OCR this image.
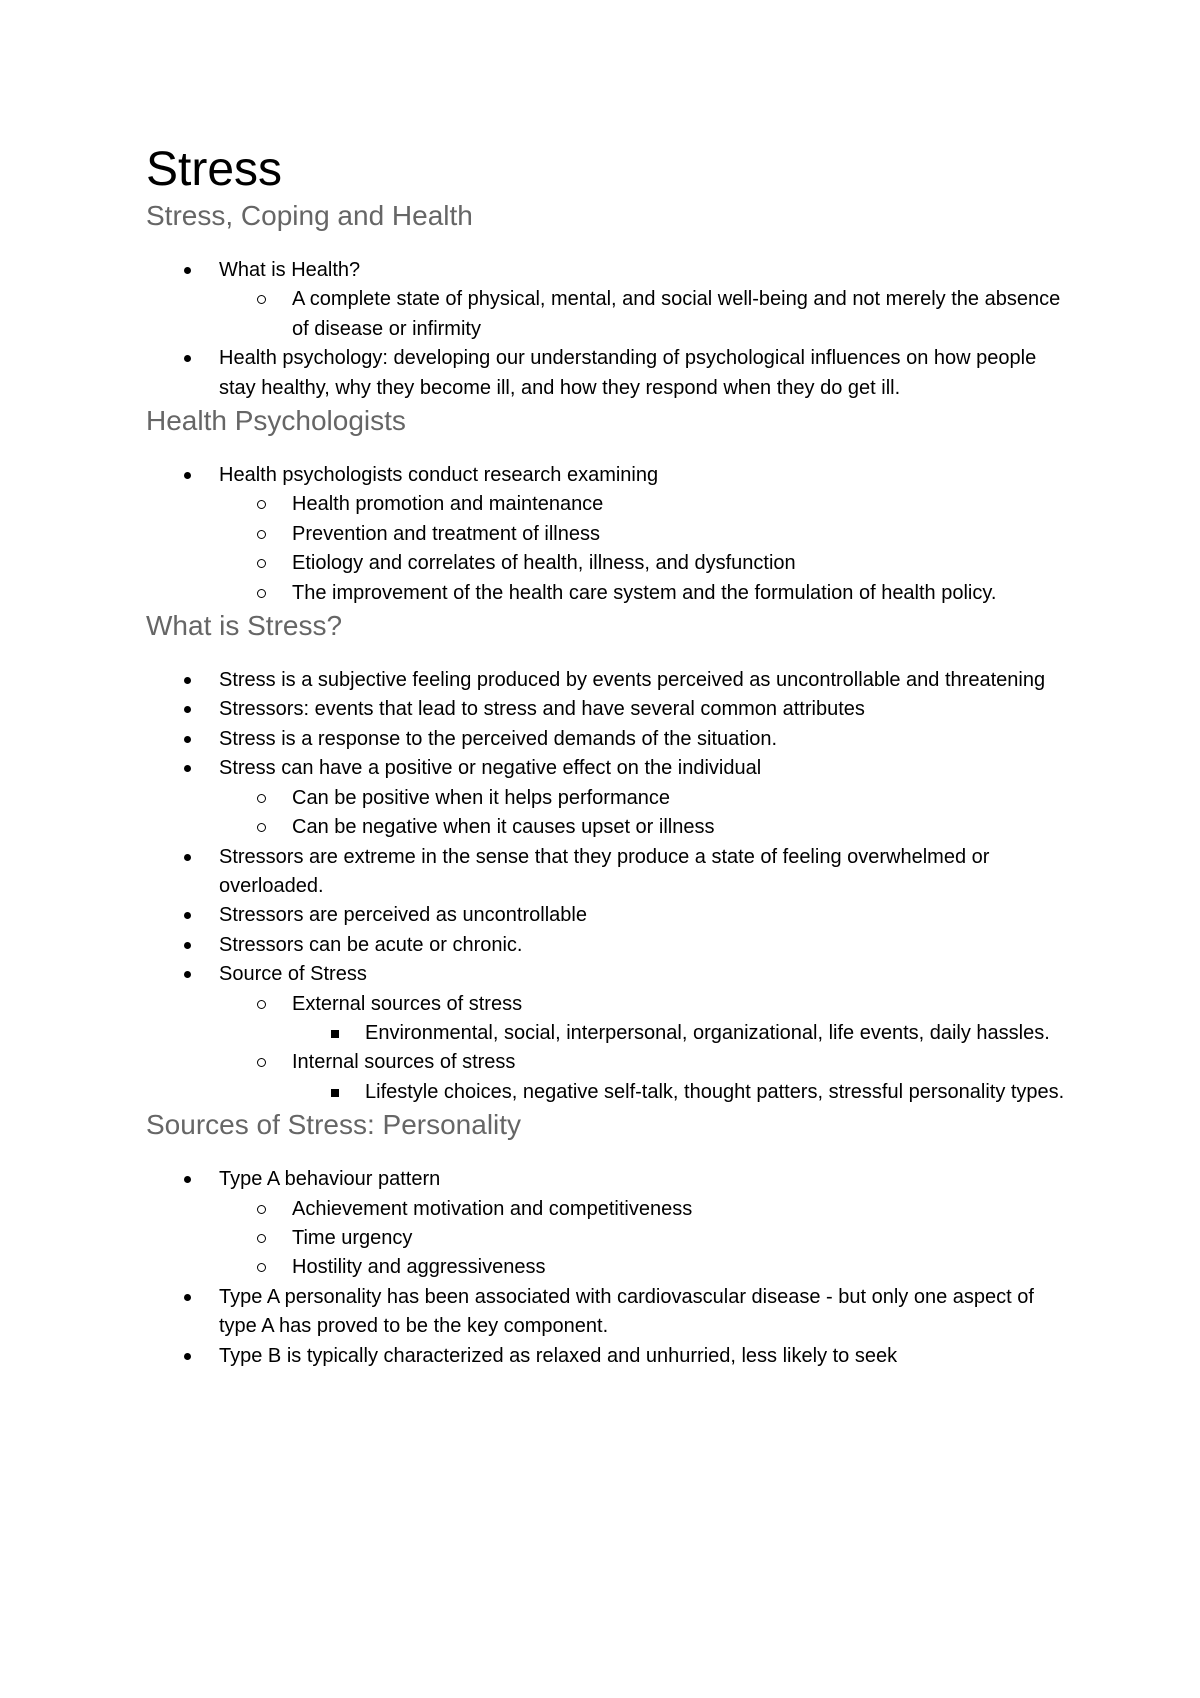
Stress
Stress, Coping and Health
What is Health?
A complete state of physical, mental, and social well-being and not merely the absence of disease or infirmity
Health psychology: developing our understanding of psychological influences on how people stay healthy, why they become ill, and how they respond when they do get ill.
Health Psychologists
Health psychologists conduct research examining
Health promotion and maintenance
Prevention and treatment of illness
Etiology and correlates of health, illness, and dysfunction
The improvement of the health care system and the formulation of health policy.
What is Stress?
Stress is a subjective feeling produced by events perceived as uncontrollable and threatening
Stressors: events that lead to stress and have several common attributes
Stress is a response to the perceived demands of the situation.
Stress can have a positive or negative effect on the individual
Can be positive when it helps performance
Can be negative when it causes upset or illness
Stressors are extreme in the sense that they produce a state of feeling overwhelmed or overloaded.
Stressors are perceived as uncontrollable
Stressors can be acute or chronic.
Source of Stress
External sources of stress
Environmental, social, interpersonal, organizational, life events, daily hassles.
Internal sources of stress
Lifestyle choices, negative self-talk, thought patters, stressful personality types.
Sources of Stress: Personality
Type A behaviour pattern
Achievement motivation and competitiveness
Time urgency
Hostility and aggressiveness
Type A personality has been associated with cardiovascular disease - but only one aspect of type A has proved to be the key component.
Type B is typically characterized as relaxed and unhurried, less likely to seek
